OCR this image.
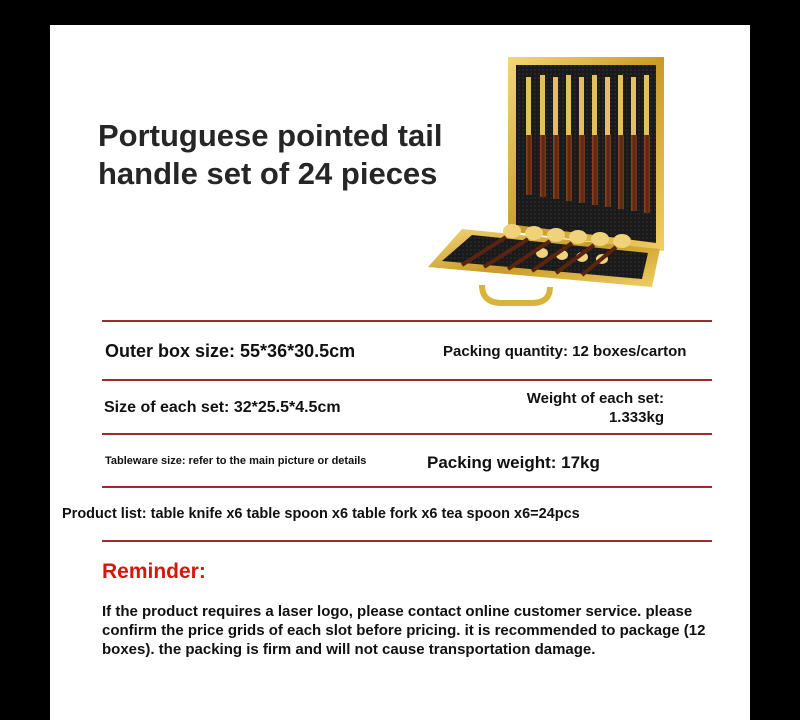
Portuguese pointed tail
handle set of 24 pieces
Outer box size: 55*36*30.5cm	Packing quantity: 12 boxes/carton
Size of each set: 32*25.5*4.5cm
Weight of each set:
1.333kg
Tableware size: refer to the main picture or details	Packing weight: 17kg
Product list: table knife x6 table spoon x6 table fork x6 tea spoon x6=24pcs
Reminder:
If the product requires a laser logo, please contact online customer service. please confirm the price grids of each slot before pricing. it is recommended to package (12 boxes). the packing is firm and will not cause transportation damage.
